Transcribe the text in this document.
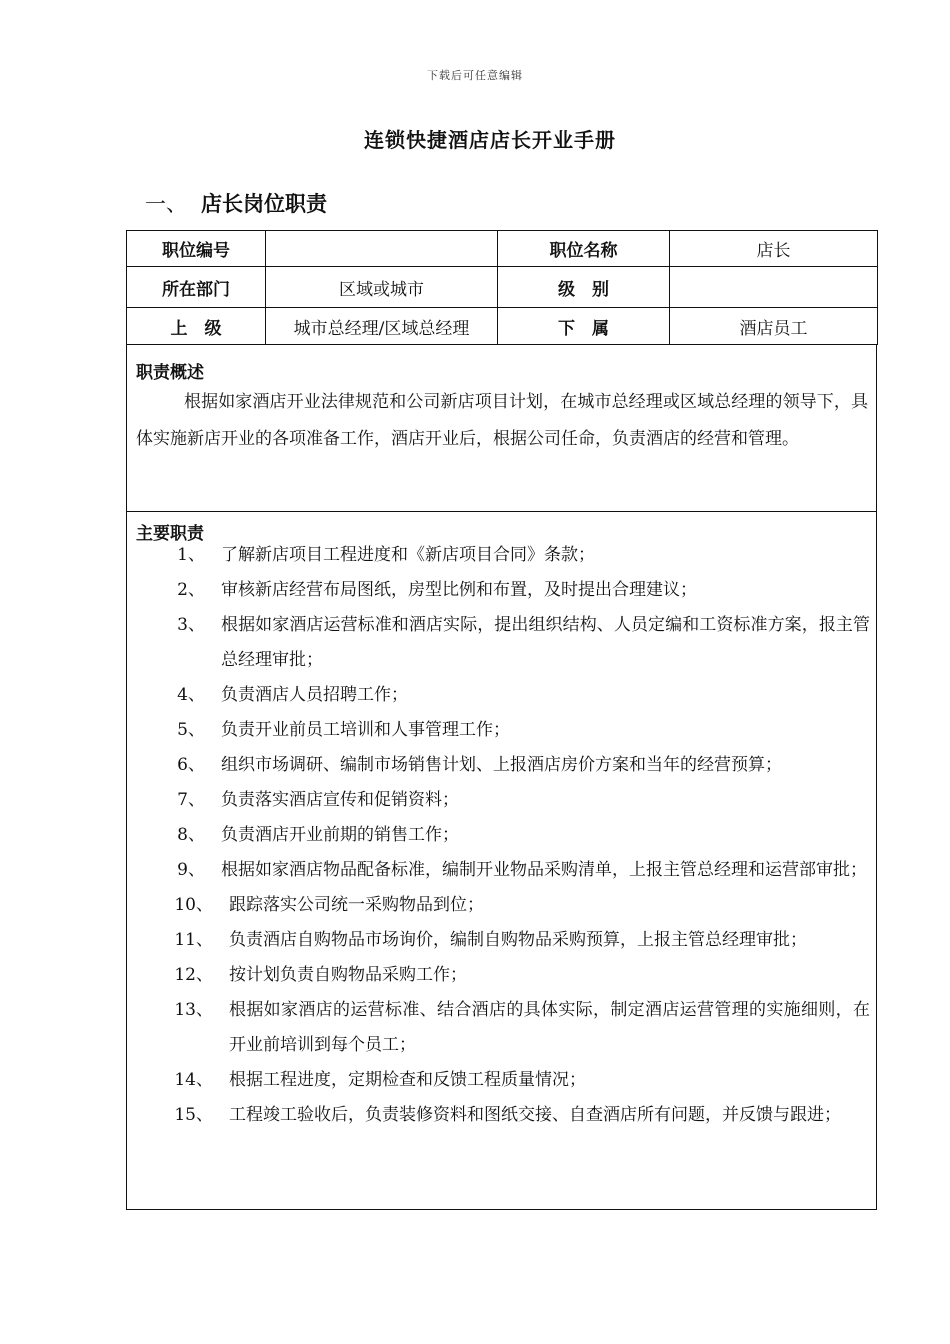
下载后可任意编辑
连锁快捷酒店店长开业手册
一、 店长岗位职责
职位编号		职位名称	店长
所在部门	区域或城市	级　别	
上　级	城市总经理/区域总经理	下　属	酒店员工
职责概述
根据如家酒店开业法律规范和公司新店项目计划，在城市总经理或区域总经理的领导下，具体实施新店开业的各项准备工作，酒店开业后，根据公司任命，负责酒店的经营和管理。
主要职责
1、 了解新店项目工程进度和《新店项目合同》条款；
2、 审核新店经营布局图纸，房型比例和布置，及时提出合理建议；
3、 根据如家酒店运营标准和酒店实际，提出组织结构、人员定编和工资标准方案，报主管总经理审批；
4、 负责酒店人员招聘工作；
5、 负责开业前员工培训和人事管理工作；
6、 组织市场调研、编制市场销售计划、上报酒店房价方案和当年的经营预算；
7、 负责落实酒店宣传和促销资料；
8、 负责酒店开业前期的销售工作；
9、 根据如家酒店物品配备标准，编制开业物品采购清单，上报主管总经理和运营部审批；
10、 跟踪落实公司统一采购物品到位；
11、 负责酒店自购物品市场询价，编制自购物品采购预算，上报主管总经理审批；
12、 按计划负责自购物品采购工作；
13、 根据如家酒店的运营标准、结合酒店的具体实际，制定酒店运营管理的实施细则，在开业前培训到每个员工；
14、 根据工程进度，定期检查和反馈工程质量情况；
15、 工程竣工验收后，负责装修资料和图纸交接、自查酒店所有问题，并反馈与跟进；
